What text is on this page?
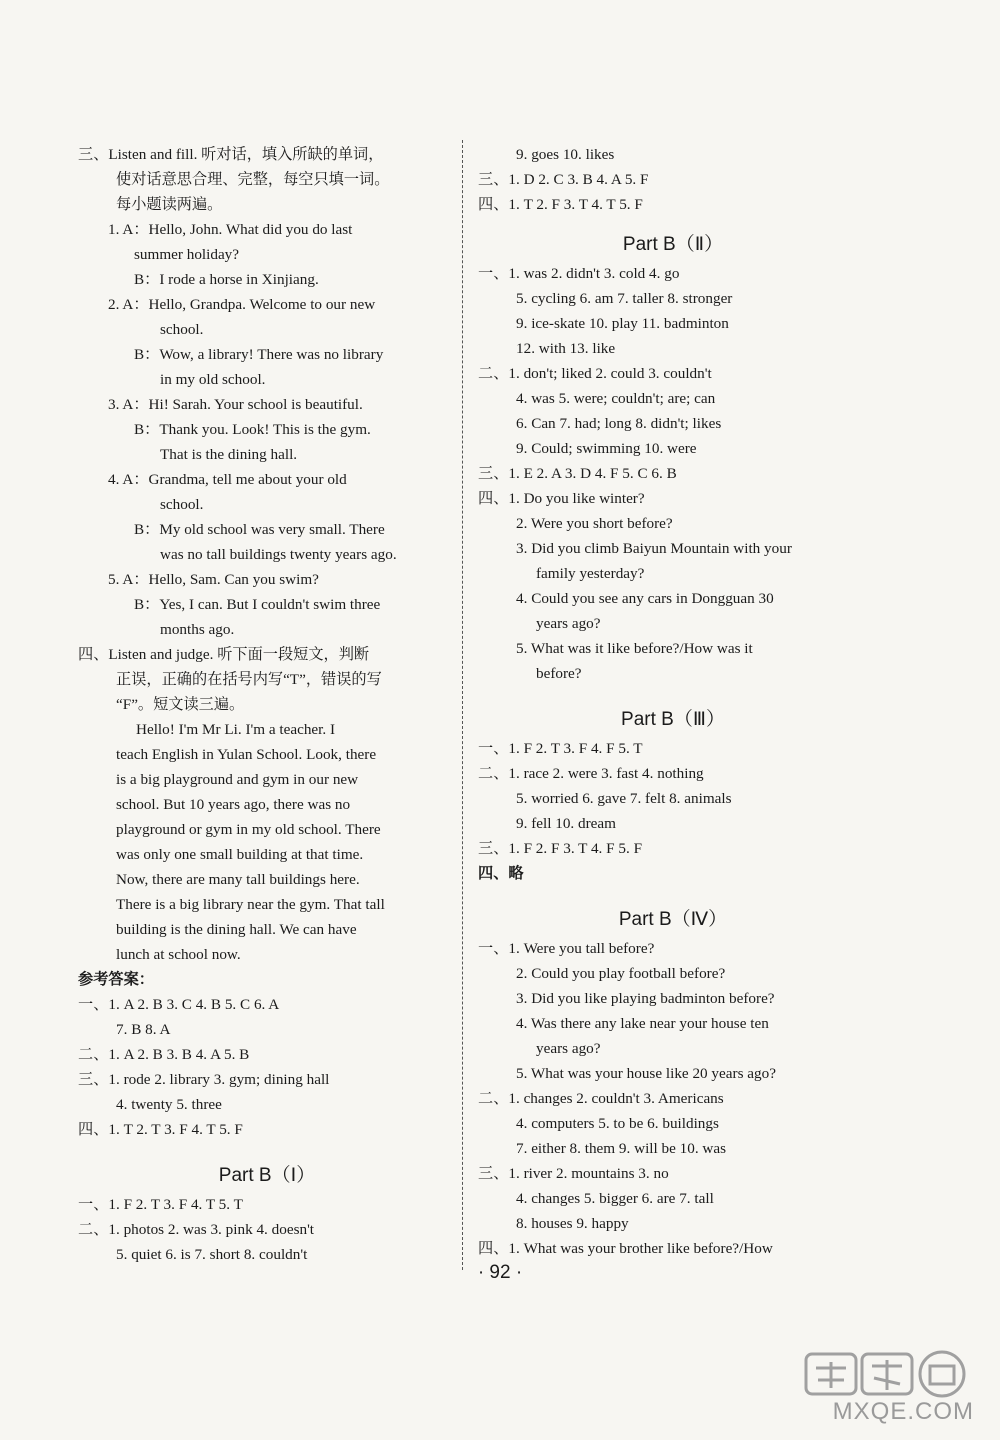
三、Listen and fill. 听对话，填入所缺的单词，
使对话意思合理、完整，每空只填一词。
每小题读两遍。
1. A：Hello, John. What did you do last
summer holiday?
B：I rode a horse in Xinjiang.
2. A：Hello, Grandpa. Welcome to our new
school.
B：Wow, a library! There was no library
in my old school.
3. A：Hi! Sarah. Your school is beautiful.
B：Thank you. Look! This is the gym.
That is the dining hall.
4. A：Grandma, tell me about your old
school.
B：My old school was very small. There
was no tall buildings twenty years ago.
5. A：Hello, Sam. Can you swim?
B：Yes, I can. But I couldn't swim three
months ago.
四、Listen and judge. 听下面一段短文，判断
正误，正确的在括号内写“T”，错误的写
“F”。短文读三遍。
Hello! I'm Mr Li. I'm a teacher. I
teach English in Yulan School. Look, there
is a big playground and gym in our new
school. But 10 years ago, there was no
playground or gym in my old school. There
was only one small building at that time.
Now, there are many tall buildings here.
There is a big library near the gym. That tall
building is the dining hall. We can have
lunch at school now.
参考答案：
一、1. A 2. B 3. C 4. B 5. C 6. A
7. B 8. A
二、1. A 2. B 3. B 4. A 5. B
三、1. rode 2. library 3. gym; dining hall
4. twenty 5. three
四、1. T 2. T 3. F 4. T 5. F
Part B（Ⅰ）
一、1. F 2. T 3. F 4. T 5. T
二、1. photos 2. was 3. pink 4. doesn't
5. quiet 6. is 7. short 8. couldn't
9. goes 10. likes
三、1. D 2. C 3. B 4. A 5. F
四、1. T 2. F 3. T 4. T 5. F
Part B（Ⅱ）
一、1. was 2. didn't 3. cold 4. go
5. cycling 6. am 7. taller 8. stronger
9. ice-skate 10. play 11. badminton
12. with 13. like
二、1. don't; liked 2. could 3. couldn't
4. was 5. were; couldn't; are; can
6. Can 7. had; long 8. didn't; likes
9. Could; swimming 10. were
三、1. E 2. A 3. D 4. F 5. C 6. B
四、1. Do you like winter?
2. Were you short before?
3. Did you climb Baiyun Mountain with your
family yesterday?
4. Could you see any cars in Dongguan 30
years ago?
5. What was it like before?/How was it
before?
Part B（Ⅲ）
一、1. F 2. T 3. F 4. F 5. T
二、1. race 2. were 3. fast 4. nothing
5. worried 6. gave 7. felt 8. animals
9. fell 10. dream
三、1. F 2. F 3. T 4. F 5. F
四、略
Part B（Ⅳ）
一、1. Were you tall before?
2. Could you play football before?
3. Did you like playing badminton before?
4. Was there any lake near your house ten
years ago?
5. What was your house like 20 years ago?
二、1. changes 2. couldn't 3. Americans
4. computers 5. to be 6. buildings
7. either 8. them 9. will be 10. was
三、1. river 2. mountains 3. no
4. changes 5. bigger 6. are 7. tall
8. houses 9. happy
四、1. What was your brother like before?/How
· 92 ·
MXQE.COM
